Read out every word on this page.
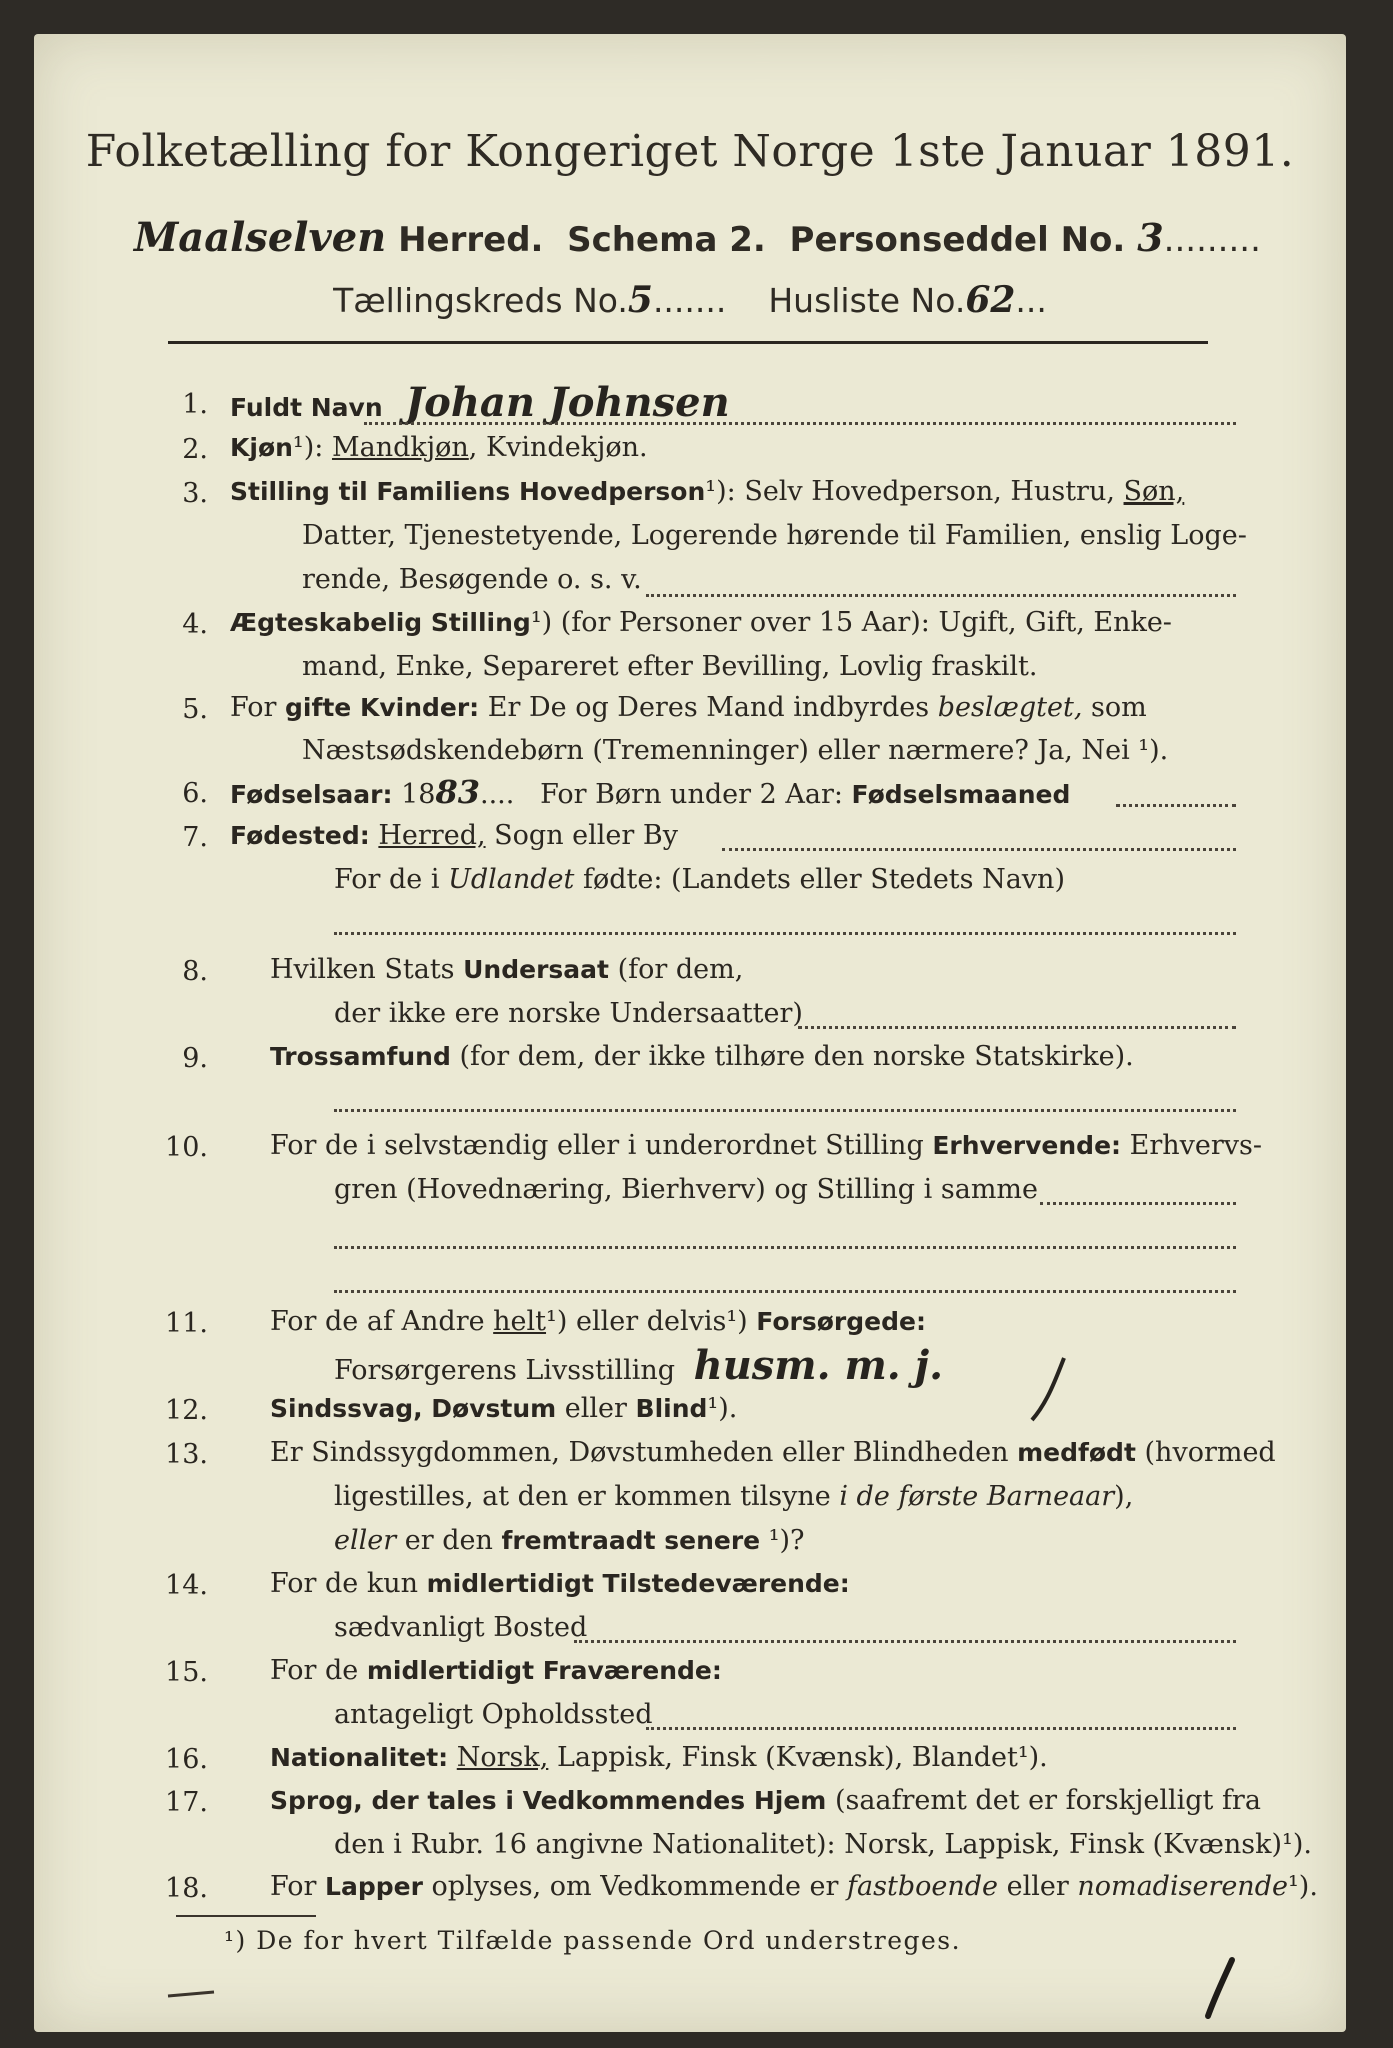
Folketælling for Kongeriget Norge 1ste Januar 1891.
Maalselven Herred. Schema 2. Personseddel No. 3.........
Tællingskreds No.5....... Husliste No.62...
1. Fuldt Navn Johan Johnsen
2. Kjøn¹): Mandkjøn, Kvindekjøn.
3. Stilling til Familiens Hovedperson¹): Selv Hovedperson, Hustru, Søn,
Datter, Tjenestetyende, Logerende hørende til Familien, enslig Loge-
rende, Besøgende o. s. v.
4. Ægteskabelig Stilling¹) (for Personer over 15 Aar): Ugift, Gift, Enke-
mand, Enke, Separeret efter Bevilling, Lovlig fraskilt.
5. For gifte Kvinder: Er De og Deres Mand indbyrdes beslægtet, som
Næstsødskendebørn (Tremenninger) eller nærmere? Ja, Nei ¹).
6. Fødselsaar: 1883.... For Børn under 2 Aar: Fødselsmaaned
7. Fødested: Herred, Sogn eller By
For de i Udlandet fødte: (Landets eller Stedets Navn)
8. Hvilken Stats Undersaat (for dem,
der ikke ere norske Undersaatter)
9. Trossamfund (for dem, der ikke tilhøre den norske Statskirke).
10. For de i selvstændig eller i underordnet Stilling Erhvervende: Erhvervs-
gren (Hovednæring, Bierhverv) og Stilling i samme
11. For de af Andre helt¹) eller delvis¹) Forsørgede:
Forsørgerens Livsstilling husm. m. j.
12. Sindssvag, Døvstum eller Blind¹).
13. Er Sindssygdommen, Døvstumheden eller Blindheden medfødt (hvormed
ligestilles, at den er kommen tilsyne i de første Barneaar),
eller er den fremtraadt senere ¹)?
14. For de kun midlertidigt Tilstedeværende:
sædvanligt Bosted
15. For de midlertidigt Fraværende:
antageligt Opholdssted
16. Nationalitet: Norsk, Lappisk, Finsk (Kvænsk), Blandet¹).
17. Sprog, der tales i Vedkommendes Hjem (saafremt det er forskjelligt fra
den i Rubr. 16 angivne Nationalitet): Norsk, Lappisk, Finsk (Kvænsk)¹).
18. For Lapper oplyses, om Vedkommende er fastboende eller nomadiserende¹).
¹) De for hvert Tilfælde passende Ord understreges.
